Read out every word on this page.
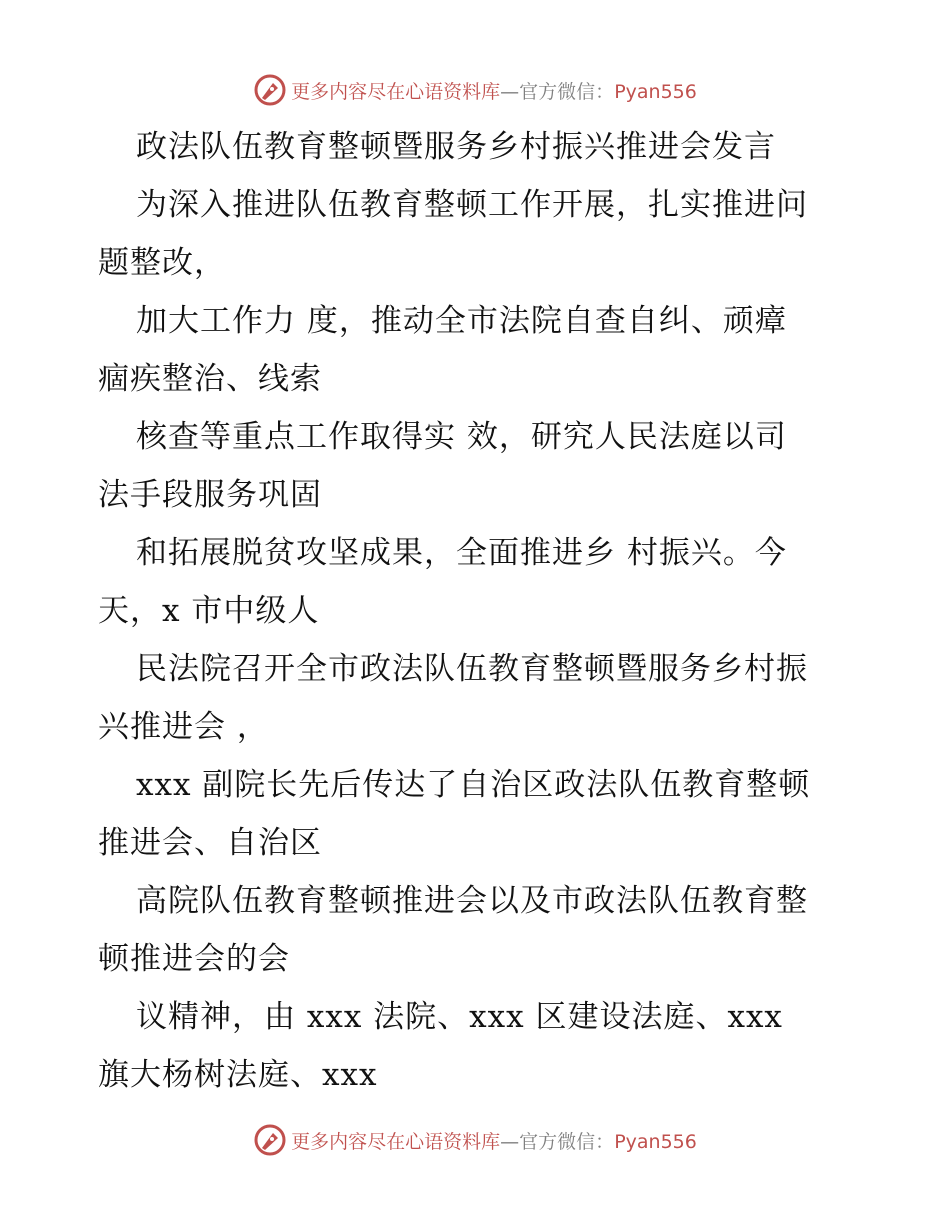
更多内容尽在心语资料库—官方微信：Pyan556
政法队伍教育整顿暨服务乡村振兴推进会发言
为深入推进队伍教育整顿工作开展，扎实推进问
题整改，
加大工作力 度，推动全市法院自查自纠、顽瘴
痼疾整治、线索
核查等重点工作取得实 效，研究人民法庭以司
法手段服务巩固
和拓展脱贫攻坚成果，全面推进乡 村振兴。今
天，x 市中级人
民法院召开全市政法队伍教育整顿暨服务乡村振
兴推进会 ，
xxx 副院长先后传达了自治区政法队伍教育整顿
推进会、自治区
高院队伍教育整顿推进会以及市政法队伍教育整
顿推进会的会
议精神，由 xxx 法院、xxx 区建设法庭、xxx
旗大杨树法庭、xxx
更多内容尽在心语资料库—官方微信：Pyan556
